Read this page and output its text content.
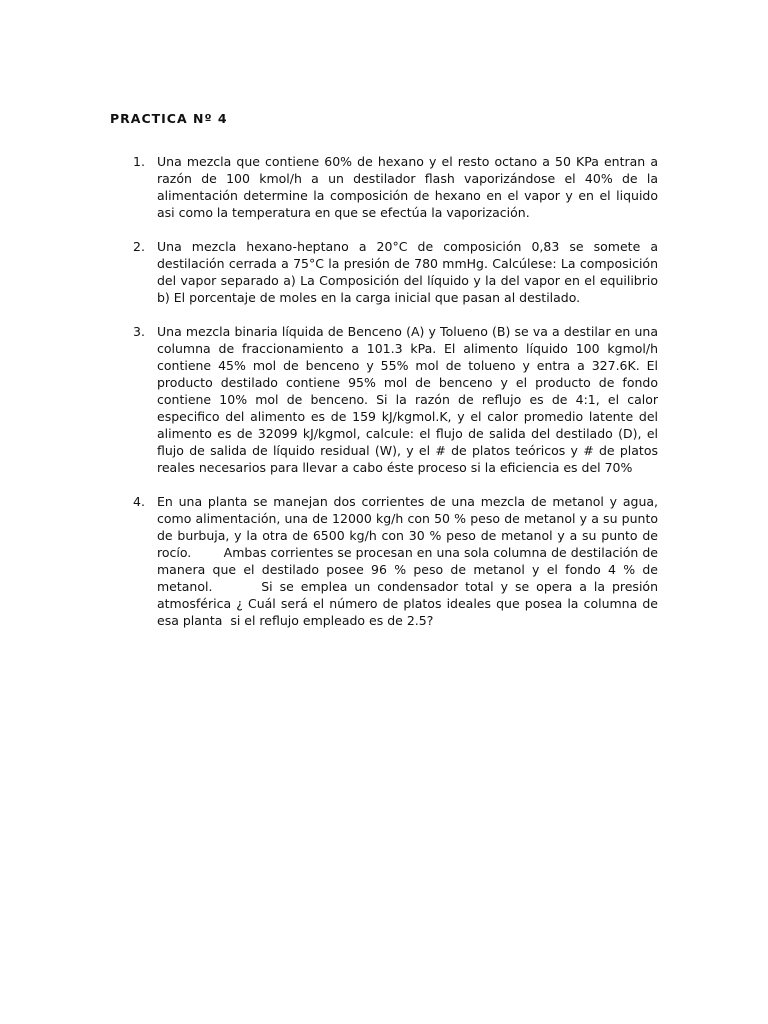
PRACTICA Nº 4
1. Una mezcla que contiene 60% de hexano y el resto octano a 50 KPa entran a razón de 100 kmol/h a un destilador flash vaporizándose el 40% de la alimentación determine la composición de hexano en el vapor y en el liquido asi como la temperatura en que se efectúa la vaporización.
2. Una mezcla hexano-heptano a 20°C de composición 0,83 se somete a destilación cerrada a 75°C la presión de 780 mmHg. Calcúlese: La composición del vapor separado a) La Composición del líquido y la del vapor en el equilibrio b) El porcentaje de moles en la carga inicial que pasan al destilado.
3. Una mezcla binaria líquida de Benceno (A) y Tolueno (B) se va a destilar en una columna de fraccionamiento a 101.3 kPa. El alimento líquido 100 kgmol/h contiene 45% mol de benceno y 55% mol de tolueno y entra a 327.6K. El producto destilado contiene 95% mol de benceno y el producto de fondo contiene 10% mol de benceno. Si la razón de reflujo es de 4:1, el calor especifico del alimento es de 159 kJ/kgmol.K, y el calor promedio latente del alimento es de 32099 kJ/kgmol, calcule: el flujo de salida del destilado (D), el flujo de salida de líquido residual (W), y el # de platos teóricos y # de platos reales necesarios para llevar a cabo éste proceso si la eficiencia es del 70%
4. En una planta se manejan dos corrientes de una mezcla de metanol y agua, como alimentación, una de 12000 kg/h con 50 % peso de metanol y a su punto de burbuja, y la otra de 6500 kg/h con 30 % peso de metanol y a su punto de rocío.        Ambas corrientes se procesan en una sola columna de destilación de manera que el destilado posee 96 % peso de metanol y el fondo 4 % de metanol.       Si se emplea un condensador total y se opera a la presión atmosférica ¿ Cuál será el número de platos ideales que posea la columna de esa planta  si el reflujo empleado es de 2.5?
